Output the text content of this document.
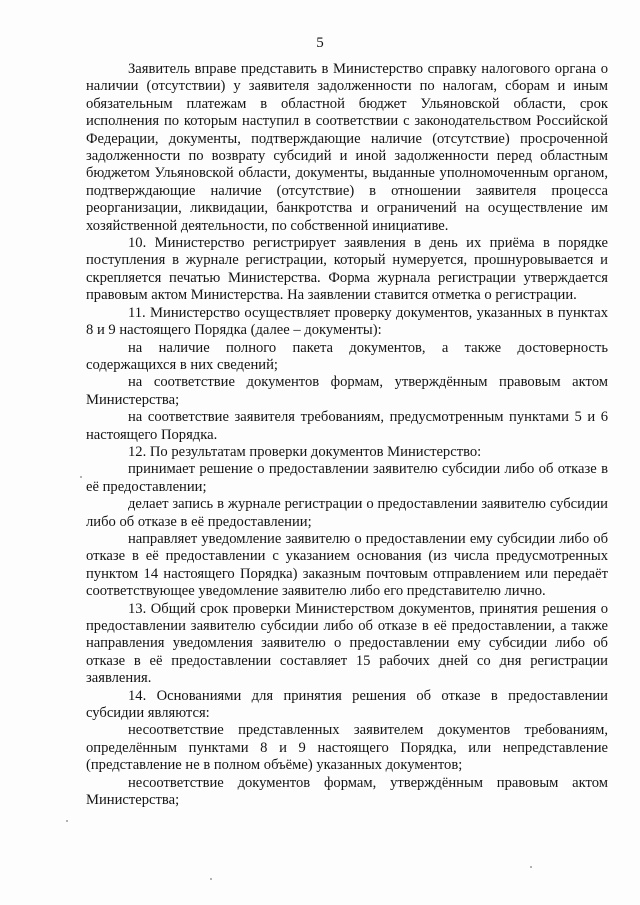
5

Заявитель вправе представить в Министерство справку налогового органа о наличии (отсутствии) у заявителя задолженности по налогам, сборам и иным обязательным платежам в областной бюджет Ульяновской области, срок исполнения по которым наступил в соответствии с законодательством Российской Федерации, документы, подтверждающие наличие (отсутствие) просроченной задолженности по возврату субсидий и иной задолженности перед областным бюджетом Ульяновской области, документы, выданные уполномоченным органом, подтверждающие наличие (отсутствие) в отношении заявителя процесса реорганизации, ликвидации, банкротства и ограничений на осуществление им хозяйственной деятельности, по собственной инициативе.

10. Министерство регистрирует заявления в день их приёма в порядке поступления в журнале регистрации, который нумеруется, прошнуровывается и скрепляется печатью Министерства. Форма журнала регистрации утверждается правовым актом Министерства. На заявлении ставится отметка о регистрации.

11. Министерство осуществляет проверку документов, указанных в пунктах 8 и 9 настоящего Порядка (далее – документы):

на наличие полного пакета документов, а также достоверность содержащихся в них сведений;

на соответствие документов формам, утверждённым правовым актом Министерства;

на соответствие заявителя требованиям, предусмотренным пунктами 5 и 6 настоящего Порядка.

12. По результатам проверки документов Министерство:

принимает решение о предоставлении заявителю субсидии либо об отказе в её предоставлении;

делает запись в журнале регистрации о предоставлении заявителю субсидии либо об отказе в её предоставлении;

направляет уведомление заявителю о предоставлении ему субсидии либо об отказе в её предоставлении с указанием основания (из числа предусмотренных пунктом 14 настоящего Порядка) заказным почтовым отправлением или передаёт соответствующее уведомление заявителю либо его представителю лично.

13. Общий срок проверки Министерством документов, принятия решения о предоставлении заявителю субсидии либо об отказе в её предоставлении, а также направления уведомления заявителю о предоставлении ему субсидии либо об отказе в её предоставлении составляет 15 рабочих дней со дня регистрации заявления.

14. Основаниями для принятия решения об отказе в предоставлении субсидии являются:

несоответствие представленных заявителем документов требованиям, определённым пунктами 8 и 9 настоящего Порядка, или непредставление (представление не в полном объёме) указанных документов;

несоответствие документов формам, утверждённым правовым актом Министерства;
